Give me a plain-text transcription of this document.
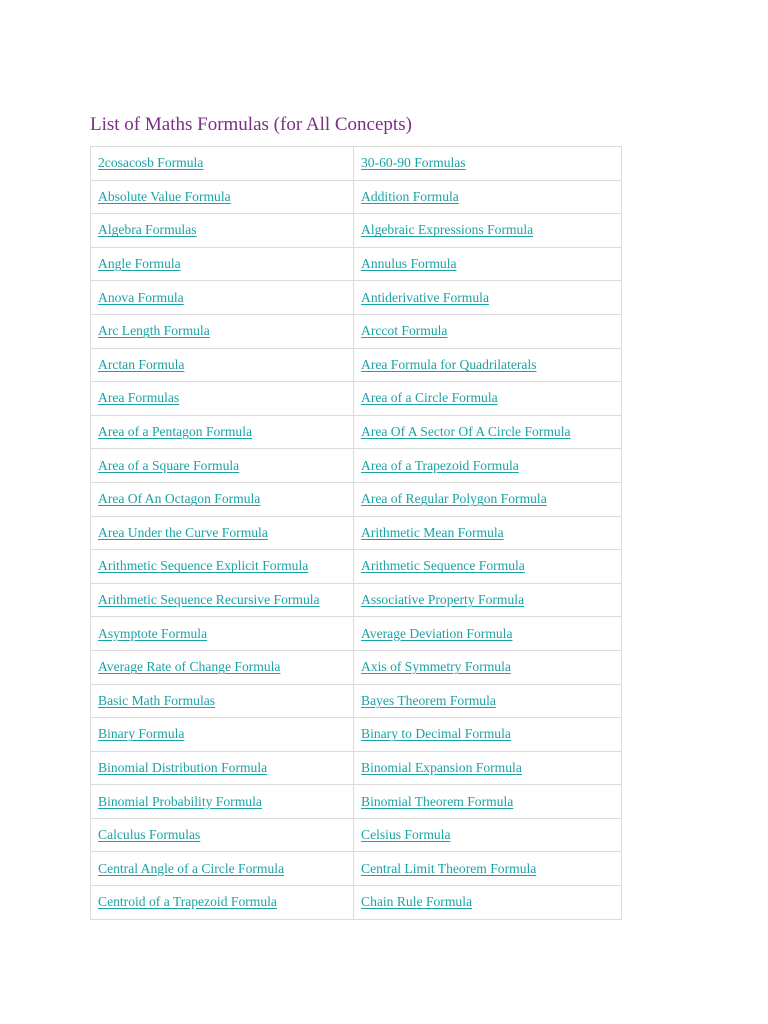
List of Maths Formulas (for All Concepts)
2cosacosb Formula	30-60-90 Formulas
Absolute Value Formula	Addition Formula
Algebra Formulas	Algebraic Expressions Formula
Angle Formula	Annulus Formula
Anova Formula	Antiderivative Formula
Arc Length Formula	Arccot Formula
Arctan Formula	Area Formula for Quadrilaterals
Area Formulas	Area of a Circle Formula
Area of a Pentagon Formula	Area Of A Sector Of A Circle Formula
Area of a Square Formula	Area of a Trapezoid Formula
Area Of An Octagon Formula	Area of Regular Polygon Formula
Area Under the Curve Formula	Arithmetic Mean Formula
Arithmetic Sequence Explicit Formula	Arithmetic Sequence Formula
Arithmetic Sequence Recursive Formula	Associative Property Formula
Asymptote Formula	Average Deviation Formula
Average Rate of Change Formula	Axis of Symmetry Formula
Basic Math Formulas	Bayes Theorem Formula
Binary Formula	Binary to Decimal Formula
Binomial Distribution Formula	Binomial Expansion Formula
Binomial Probability Formula	Binomial Theorem Formula
Calculus Formulas	Celsius Formula
Central Angle of a Circle Formula	Central Limit Theorem Formula
Centroid of a Trapezoid Formula	Chain Rule Formula
